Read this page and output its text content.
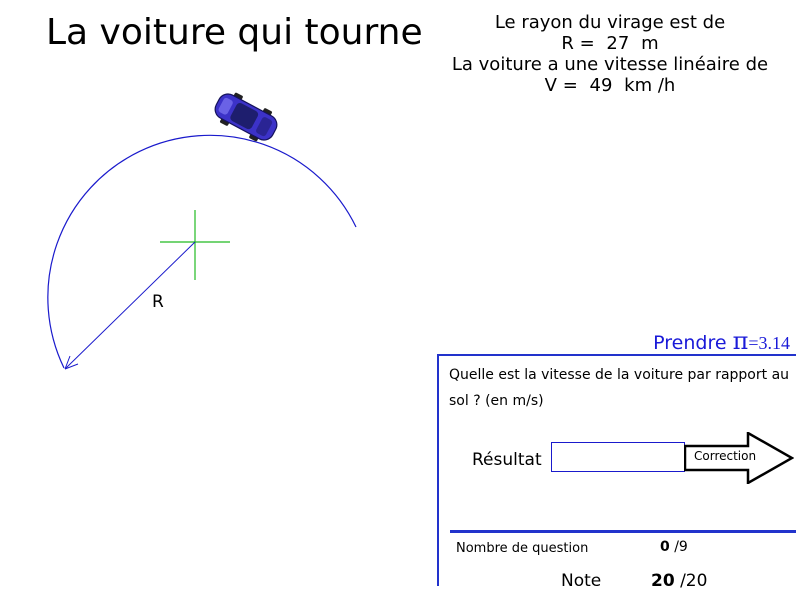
La voiture qui tourne	Le rayon du virage est de
R = 27 m
La voiture a une vitesse linéaire de
V = 49 km /h
R
Prendre π=3.14
Quelle est la vitesse de la voiture par rapport au sol ? (en m/s)
Résultat	Correction
Nombre de question	0 /9
Note	20 /20
